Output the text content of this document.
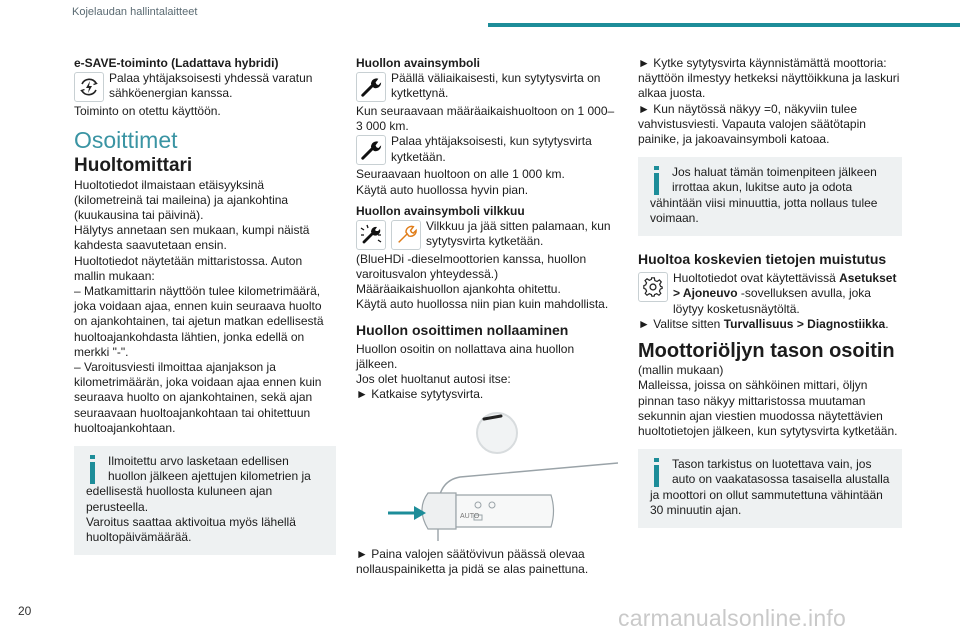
Kojelaudan hallintalaitteet

e-SAVE-toiminto (Ladattava hybridi)

Palaa yhtäjaksoisesti yhdessä varatun sähköenergian kanssa.

Toiminto on otettu käyttöön.

Osoittimet
Huoltomittari

Huoltotiedot ilmaistaan etäisyyksinä (kilometreinä tai maileina) ja ajankohtina (kuukausina tai päivinä).

Hälytys annetaan sen mukaan, kumpi näistä kahdesta saavutetaan ensin.

Huoltotiedot näytetään mittaristossa. Auton mallin mukaan:

– Matkamittarin näyttöön tulee kilometrimäärä, joka voidaan ajaa, ennen kuin seuraava huolto on ajankohtainen, tai ajetun matkan edellisestä huoltoajankohdasta lähtien, jonka edellä on merkki "-".

– Varoitusviesti ilmoittaa ajanjakson ja kilometrimäärän, joka voidaan ajaa ennen kuin seuraava huolto on ajankohtainen, sekä ajan seuraavaan huoltoajankohtaan tai ohitettuun huoltoajankohtaan.

Ilmoitettu arvo lasketaan edellisen huollon jälkeen ajettujen kilometrien ja edellisestä huollosta kuluneen ajan perusteella.
Varoitus saattaa aktivoitua myös lähellä huoltopäivämäärää.

Huollon avainsymboli

Päällä väliaikaisesti, kun sytytysvirta on kytkettynä.

Kun seuraavaan määräaikaishuoltoon on 1 000–3 000 km.

Palaa yhtäjaksoisesti, kun sytytysvirta kytketään.

Seuraavaan huoltoon on alle 1 000 km.

Käytä auto huollossa hyvin pian.

Huollon avainsymboli vilkkuu

Vilkkuu ja jää sitten palamaan, kun sytytysvirta kytketään.

(BlueHDi -dieselmoottorien kanssa, huollon varoitusvalon yhteydessä.)

Määräaikaishuollon ajankohta ohitettu.

Käytä auto huollossa niin pian kuin mahdollista.

Huollon osoittimen nollaaminen

Huollon osoitin on nollattava aina huollon jälkeen.

Jos olet huoltanut autosi itse:

► Katkaise sytytysvirta.

AUTO

► Paina valojen säätövivun päässä olevaa nollauspainiketta ja pidä se alas painettuna.

► Kytke sytytysvirta käynnistämättä moottoria: näyttöön ilmestyy hetkeksi näyttöikkuna ja laskuri alkaa juosta.

► Kun näytössä näkyy =0, näkyviin tulee vahvistusviesti. Vapauta valojen säätötapin painike, ja jakoavainsymboli katoaa.

Jos haluat tämän toimenpiteen jälkeen irrottaa akun, lukitse auto ja odota vähintään viisi minuuttia, jotta nollaus tulee voimaan.
Huoltoa koskevien tietojen muistutus

Huoltotiedot ovat käytettävissä Asetukset > Ajoneuvo -sovelluksen avulla, joka löytyy kosketusnäytöltä.

► Valitse sitten Turvallisuus > Diagnostiikka.

Moottoriöljyn tason osoitin

(mallin mukaan)

Malleissa, joissa on sähköinen mittari, öljyn pinnan taso näkyy mittaristossa muutaman sekunnin ajan viestien muodossa näytettävien huoltotietojen jälkeen, kun sytytysvirta kytketään.

Tason tarkistus on luotettava vain, jos auto on vaakatasossa tasaisella alustalla ja moottori on ollut sammutettuna vähintään 30 minuutin ajan.
20	carmanualsonline.info
